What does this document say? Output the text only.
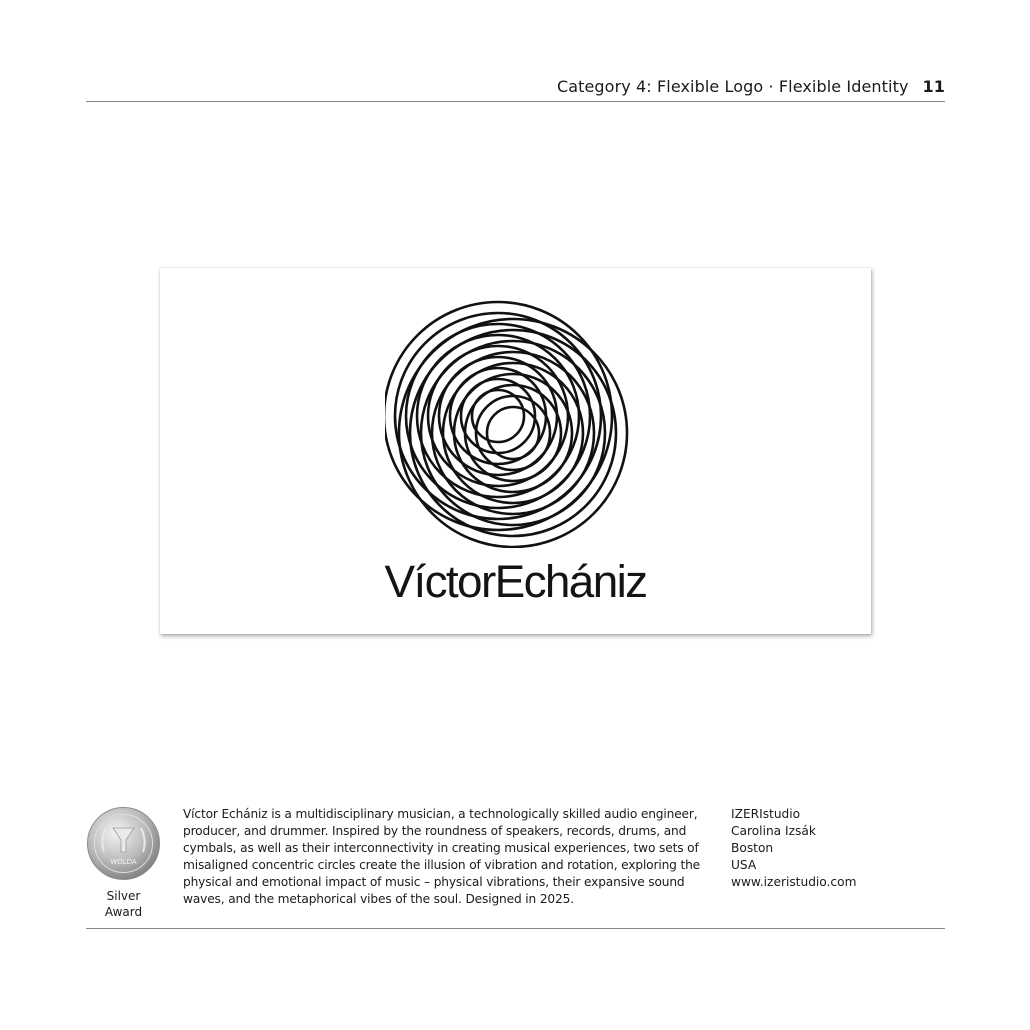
Category 4: Flexible Logo · Flexible Identity 11
VíctorEchániz
WOLDA
Silver
Award
Víctor Echániz is a multidisciplinary musician, a technologically skilled audio engineer, producer, and drummer. Inspired by the roundness of speakers, records, drums, and cymbals, as well as their interconnectivity in creating musical experiences, two sets of misaligned concentric circles create the illusion of vibration and rotation, exploring the physical and emotional impact of music – physical vibrations, their expansive sound waves, and the metaphorical vibes of the soul. Designed in 2025.
IZERIstudio
Carolina Izsák
Boston
USA
www.izeristudio.com
